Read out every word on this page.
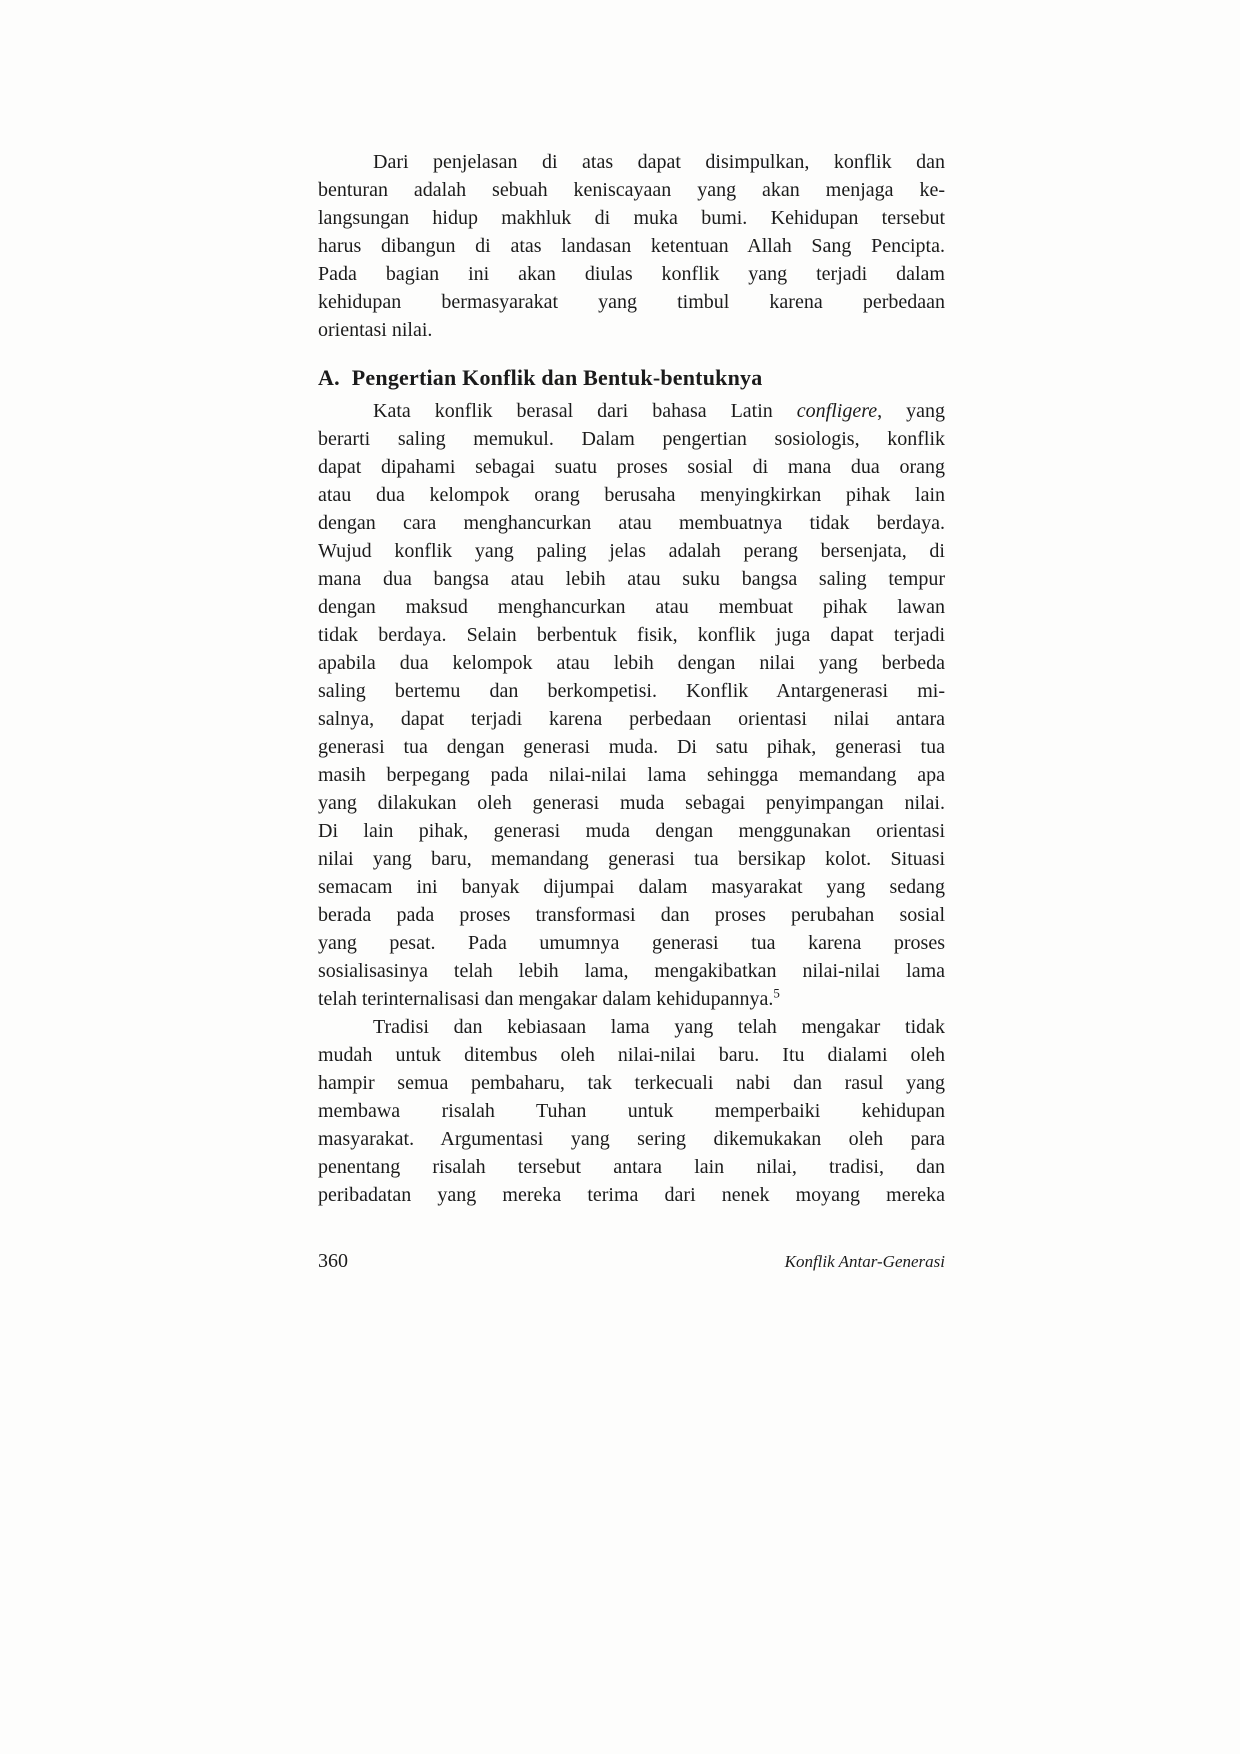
Dari penjelasan di atas dapat disimpulkan, konflik dan
benturan adalah sebuah keniscayaan yang akan menjaga ke-
langsungan hidup makhluk di muka bumi. Kehidupan tersebut
harus dibangun di atas landasan ketentuan Allah Sang Pencipta.
Pada bagian ini akan diulas konflik yang terjadi dalam
kehidupan bermasyarakat yang timbul karena perbedaan
orientasi nilai.
A. Pengertian Konflik dan Bentuk-bentuknya
Kata konflik berasal dari bahasa Latin confligere, yang
berarti saling memukul. Dalam pengertian sosiologis, konflik
dapat dipahami sebagai suatu proses sosial di mana dua orang
atau dua kelompok orang berusaha menyingkirkan pihak lain
dengan cara menghancurkan atau membuatnya tidak berdaya.
Wujud konflik yang paling jelas adalah perang bersenjata, di
mana dua bangsa atau lebih atau suku bangsa saling tempur
dengan maksud menghancurkan atau membuat pihak lawan
tidak berdaya. Selain berbentuk fisik, konflik juga dapat terjadi
apabila dua kelompok atau lebih dengan nilai yang berbeda
saling bertemu dan berkompetisi. Konflik Antargenerasi mi-
salnya, dapat terjadi karena perbedaan orientasi nilai antara
generasi tua dengan generasi muda. Di satu pihak, generasi tua
masih berpegang pada nilai-nilai lama sehingga memandang apa
yang dilakukan oleh generasi muda sebagai penyimpangan nilai.
Di lain pihak, generasi muda dengan menggunakan orientasi
nilai yang baru, memandang generasi tua bersikap kolot. Situasi
semacam ini banyak dijumpai dalam masyarakat yang sedang
berada pada proses transformasi dan proses perubahan sosial
yang pesat. Pada umumnya generasi tua karena proses
sosialisasinya telah lebih lama, mengakibatkan nilai-nilai lama
telah terinternalisasi dan mengakar dalam kehidupannya.$^5$
Tradisi dan kebiasaan lama yang telah mengakar tidak
mudah untuk ditembus oleh nilai-nilai baru. Itu dialami oleh
hampir semua pembaharu, tak terkecuali nabi dan rasul yang
membawa risalah Tuhan untuk memperbaiki kehidupan
masyarakat. Argumentasi yang sering dikemukakan oleh para
penentang risalah tersebut antara lain nilai, tradisi, dan
peribadatan yang mereka terima dari nenek moyang mereka
360	Konflik Antar-Generasi
